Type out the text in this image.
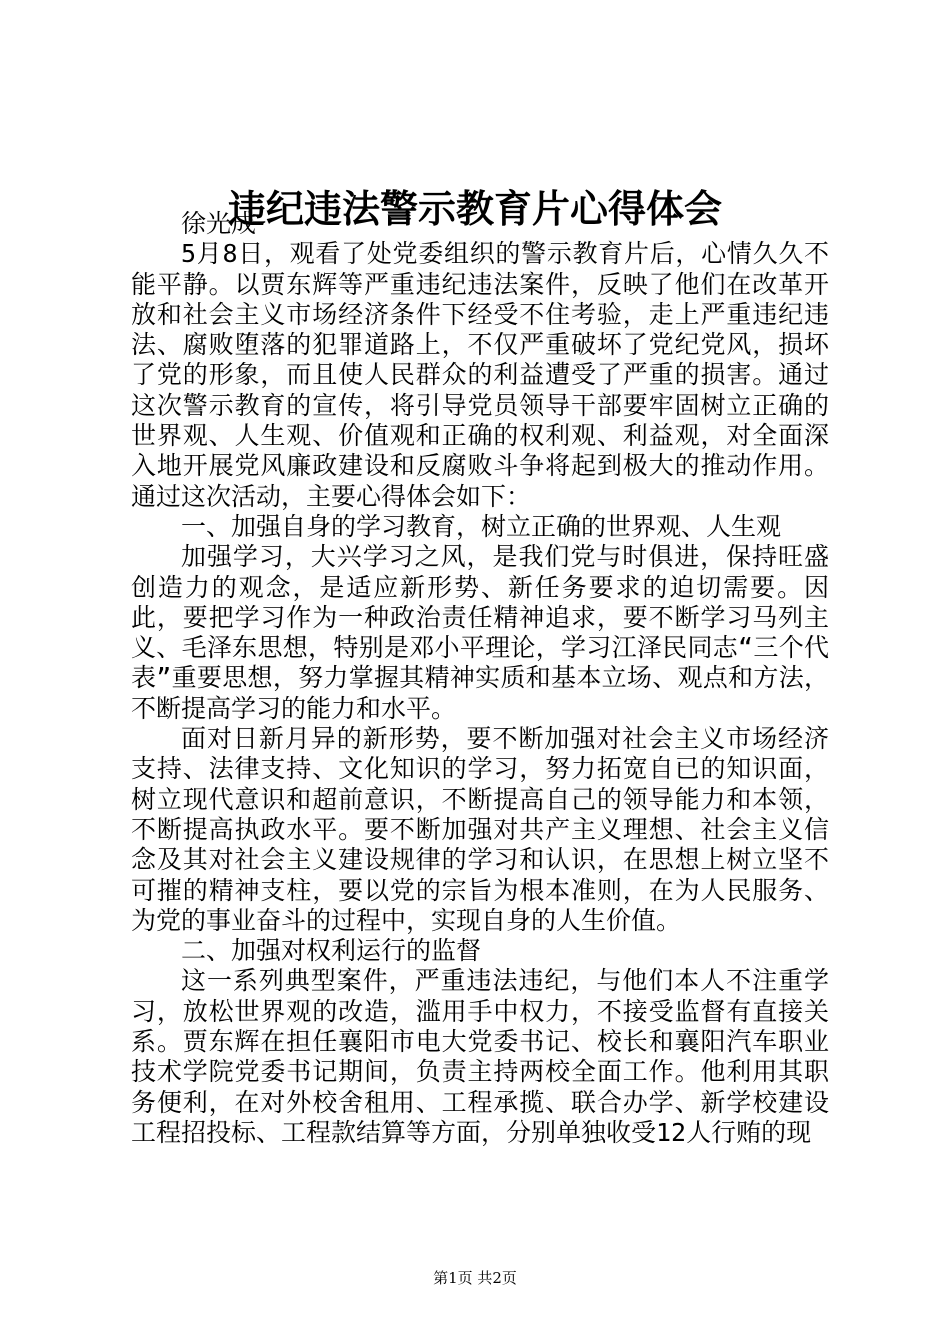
违纪违法警示教育片心得体会

徐光成

5月8日，观看了处党委组织的警示教育片后，心情久久不能平静。以贾东辉等严重违纪违法案件，反映了他们在改革开放和社会主义市场经济条件下经受不住考验，走上严重违纪违法、腐败堕落的犯罪道路上，不仅严重破坏了党纪党风，损坏了党的形象，而且使人民群众的利益遭受了严重的损害。通过这次警示教育的宣传，将引导党员领导干部要牢固树立正确的世界观、人生观、价值观和正确的权利观、利益观，对全面深入地开展党风廉政建设和反腐败斗争将起到极大的推动作用。通过这次活动，主要心得体会如下：

一、加强自身的学习教育，树立正确的世界观、人生观

加强学习，大兴学习之风，是我们党与时俱进，保持旺盛创造力的观念，是适应新形势、新任务要求的迫切需要。因此，要把学习作为一种政治责任精神追求，要不断学习马列主义、毛泽东思想，特别是邓小平理论，学习江泽民同志“三个代表”重要思想，努力掌握其精神实质和基本立场、观点和方法，不断提高学习的能力和水平。

面对日新月异的新形势，要不断加强对社会主义市场经济支持、法律支持、文化知识的学习，努力拓宽自已的知识面，树立现代意识和超前意识，不断提高自己的领导能力和本领，不断提高执政水平。要不断加强对共产主义理想、社会主义信念及其对社会主义建设规律的学习和认识，在思想上树立坚不可摧的精神支柱，要以党的宗旨为根本准则，在为人民服务、为党的事业奋斗的过程中，实现自身的人生价值。

二、加强对权利运行的监督

这一系列典型案件，严重违法违纪，与他们本人不注重学习，放松世界观的改造，滥用手中权力，不接受监督有直接关系。贾东辉在担任襄阳市电大党委书记、校长和襄阳汽车职业技术学院党委书记期间，负责主持两校全面工作。他利用其职务便利，在对外校舍租用、工程承揽、联合办学、新学校建设工程招投标、工程款结算等方面，分别单独收受12人行贿的现

第1页 共2页
